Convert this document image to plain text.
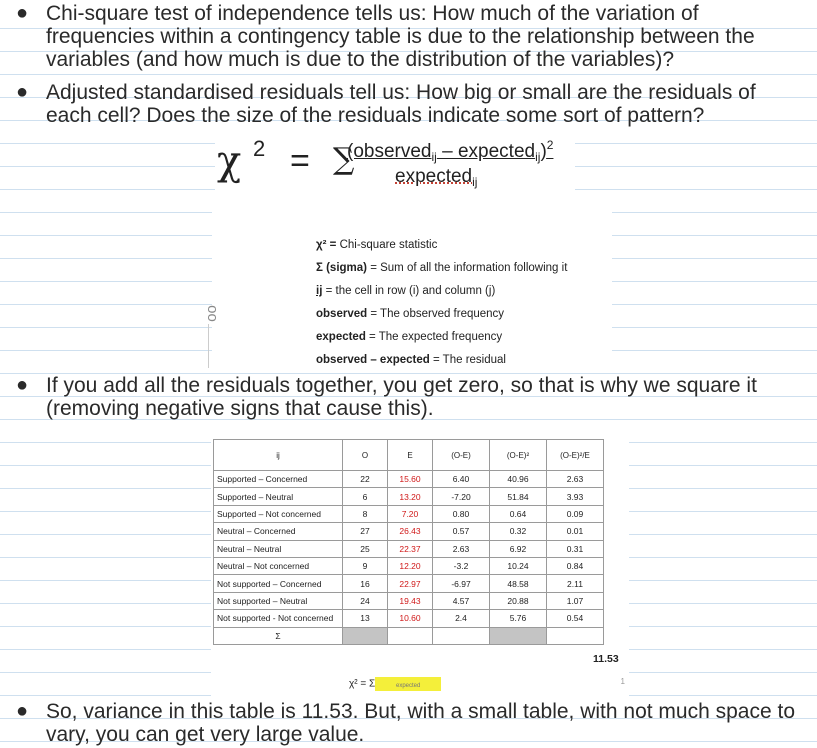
● Chi-square test of independence tells us: How much of the variation of frequencies within a contingency table is due to the relationship between the variables (and how much is due to the distribution of the variables)?
● Adjusted standardised residuals tell us: How big or small are the residuals of each cell? Does the size of the residuals indicate some sort of pattern?
χ 2 = ∑
(observed$_{ij}$ – expected$_{ij}$)$^2$
expected$_{ij}$
χ² = Chi-square statistic
Σ (sigma) = Sum of all the information following it
ij = the cell in row (i) and column (j)
observed = The observed frequency
expected = The expected frequency
observed – expected = The residual
oo
● If you add all the residuals together, you get zero, so that is why we square it (removing negative signs that cause this).
ij	O	E	(O-E)	(O-E)²	(O-E)²/E
Supported – Concerned	22	15.60	6.40	40.96	2.63
Supported – Neutral	6	13.20	-7.20	51.84	3.93
Supported – Not concerned	8	7.20	0.80	0.64	0.09
Neutral – Concerned	27	26.43	0.57	0.32	0.01
Neutral – Neutral	25	22.37	2.63	6.92	0.31
Neutral – Not concerned	9	12.20	-3.2	10.24	0.84
Not supported – Concerned	16	22.97	-6.97	48.58	2.11
Not supported – Neutral	24	19.43	4.57	20.88	1.07
Not supported - Not concerned	13	10.60	2.4	5.76	0.54
Σ					
11.53
χ² = Σ	expected	1
● So, variance in this table is 11.53. But, with a small table, with not much space to vary, you can get very large value.
